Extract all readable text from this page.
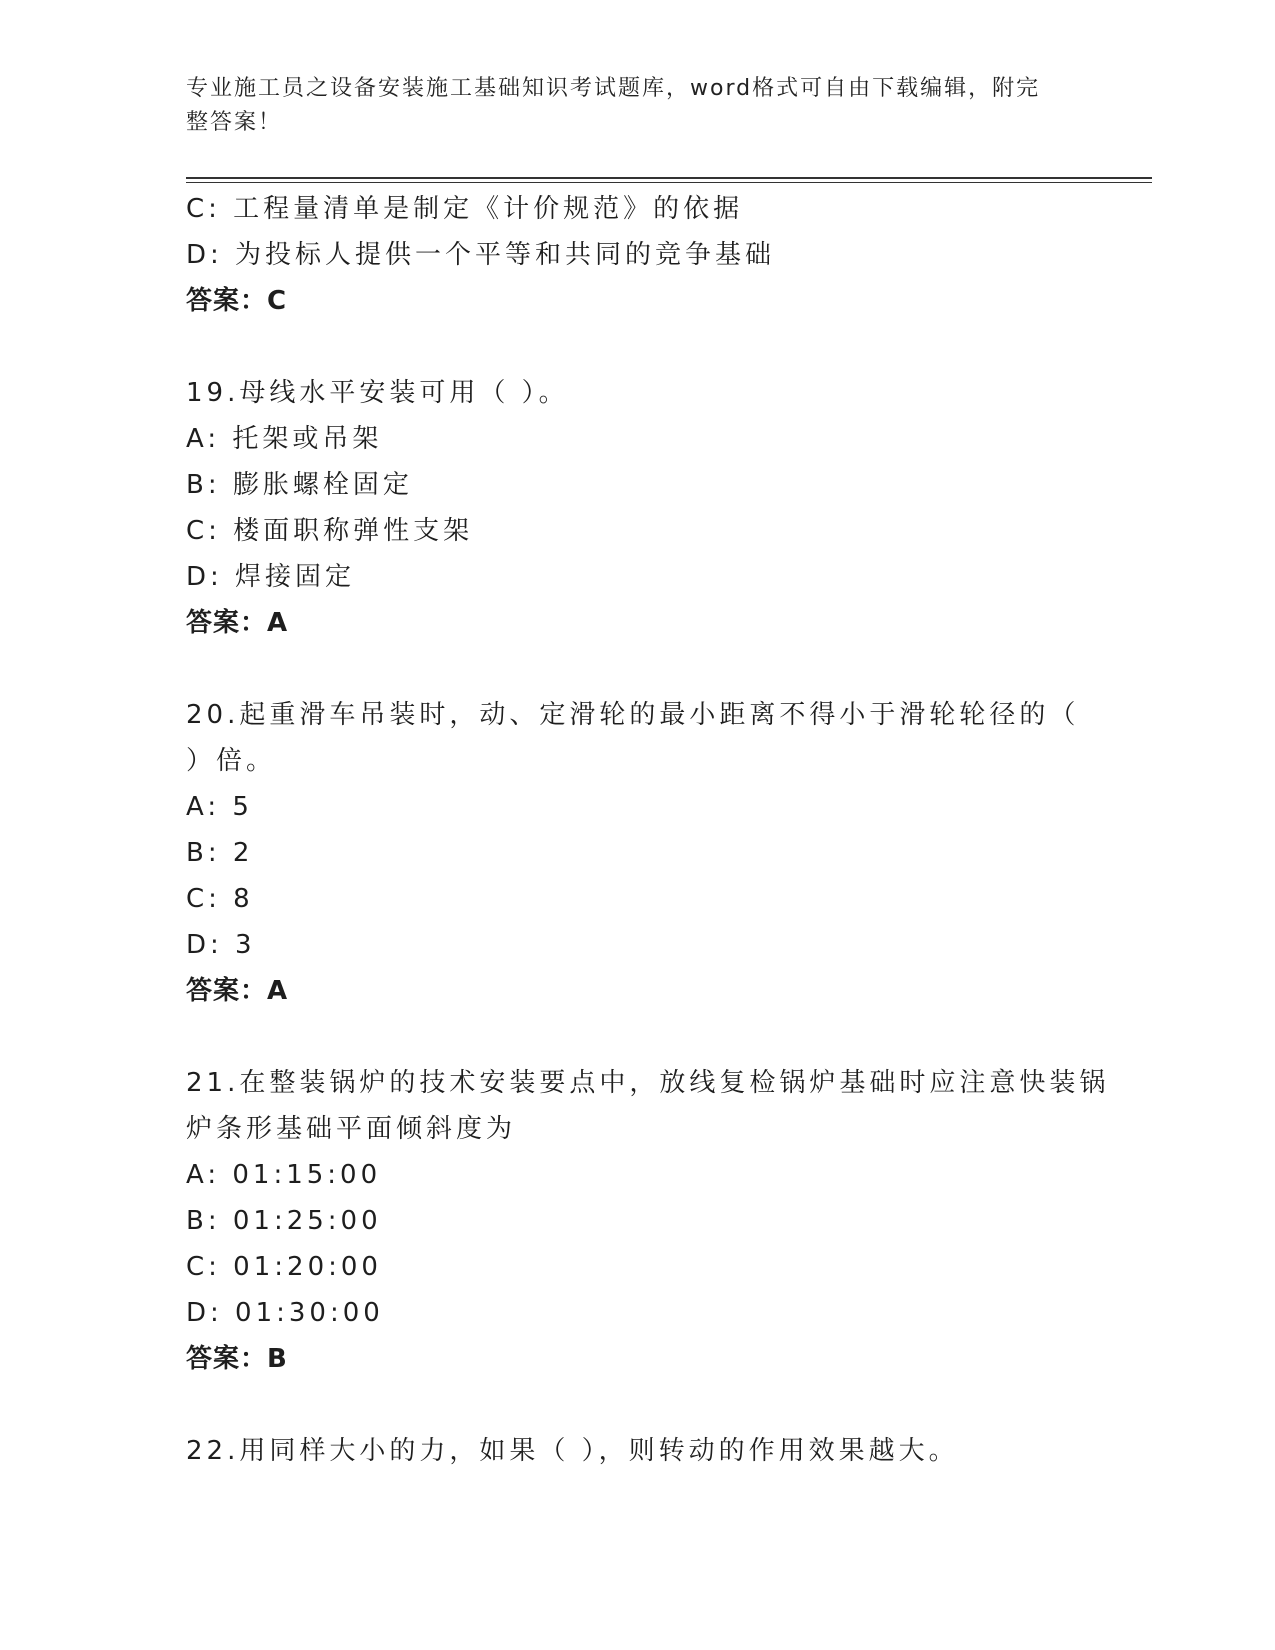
专业施工员之设备安装施工基础知识考试题库，word格式可自由下载编辑，附完
整答案！
C: 工程量清单是制定《计价规范》的依据
D: 为投标人提供一个平等和共同的竞争基础
答案：C
19.母线水平安装可用（ ）。
A: 托架或吊架
B: 膨胀螺栓固定
C: 楼面职称弹性支架
D: 焊接固定
答案：A
20.起重滑车吊装时，动、定滑轮的最小距离不得小于滑轮轮径的（
）倍。
A: 5
B: 2
C: 8
D: 3
答案：A
21.在整装锅炉的技术安装要点中，放线复检锅炉基础时应注意快装锅
炉条形基础平面倾斜度为
A: 01:15:00
B: 01:25:00
C: 01:20:00
D: 01:30:00
答案：B
22.用同样大小的力，如果（ ），则转动的作用效果越大。
